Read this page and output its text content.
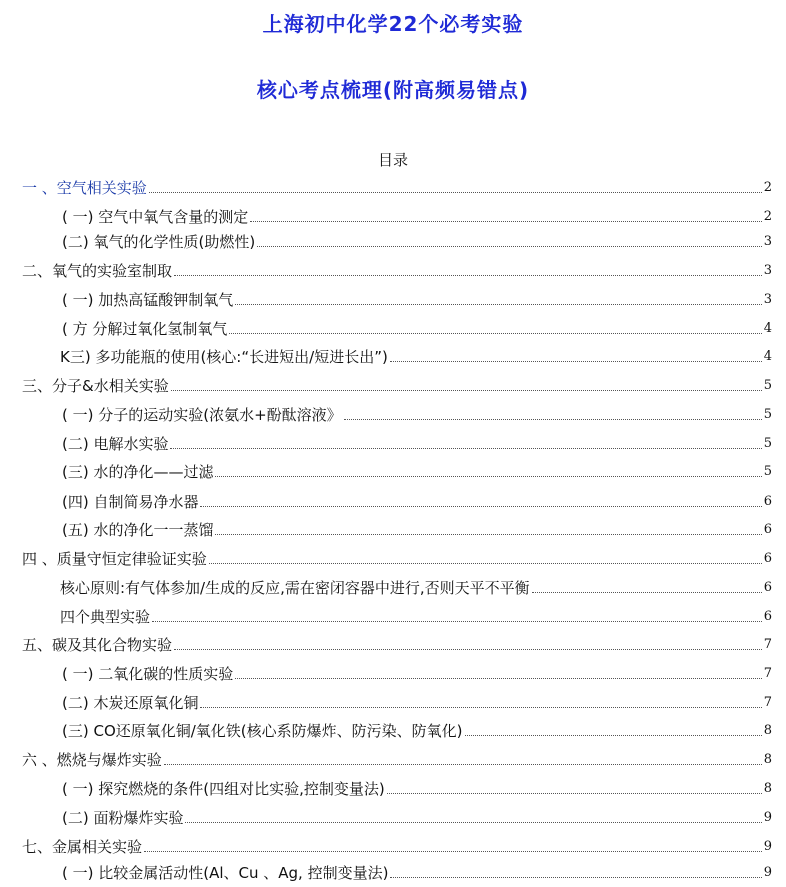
上海初中化学22个必考实验
核心考点梳理(附高频易错点)
目录
一 、空气相关实验	2
( 一) 空气中氧气含量的测定	2
(二) 氧气的化学性质(助燃性)	3
二、氧气的实验室制取	3
( 一) 加热高锰酸钾制氧气	3
( 方 分解过氧化氢制氧气	4
K三) 多功能瓶的使用(核心:“长进短出/短进长出”)	4
三、分子&水相关实验	5
( 一) 分子的运动实验(浓氨水+酚酞溶液》	5
(二) 电解水实验	5
(三) 水的净化——过滤	5
(四) 自制简易净水器	6
(五) 水的净化一一蒸馏	6
四 、质量守恒定律验证实验	6
核心原则:有气体参加/生成的反应,需在密闭容器中进行,否则天平不平衡	6
四个典型实验	6
五、碳及其化合物实验	7
( 一) 二氧化碳的性质实验	7
(二) 木炭还原氧化铜	7
(三) CO还原氧化铜/氧化铁(核心系防爆炸、防污染、防氧化)	8
六 、燃烧与爆炸实验	8
( 一) 探究燃烧的条件(四组对比实验,控制变量法)	8
(二) 面粉爆炸实验	9
七、金属相关实验	9
( 一) 比较金属活动性(Al、Cu 、Ag, 控制变量法)	9
